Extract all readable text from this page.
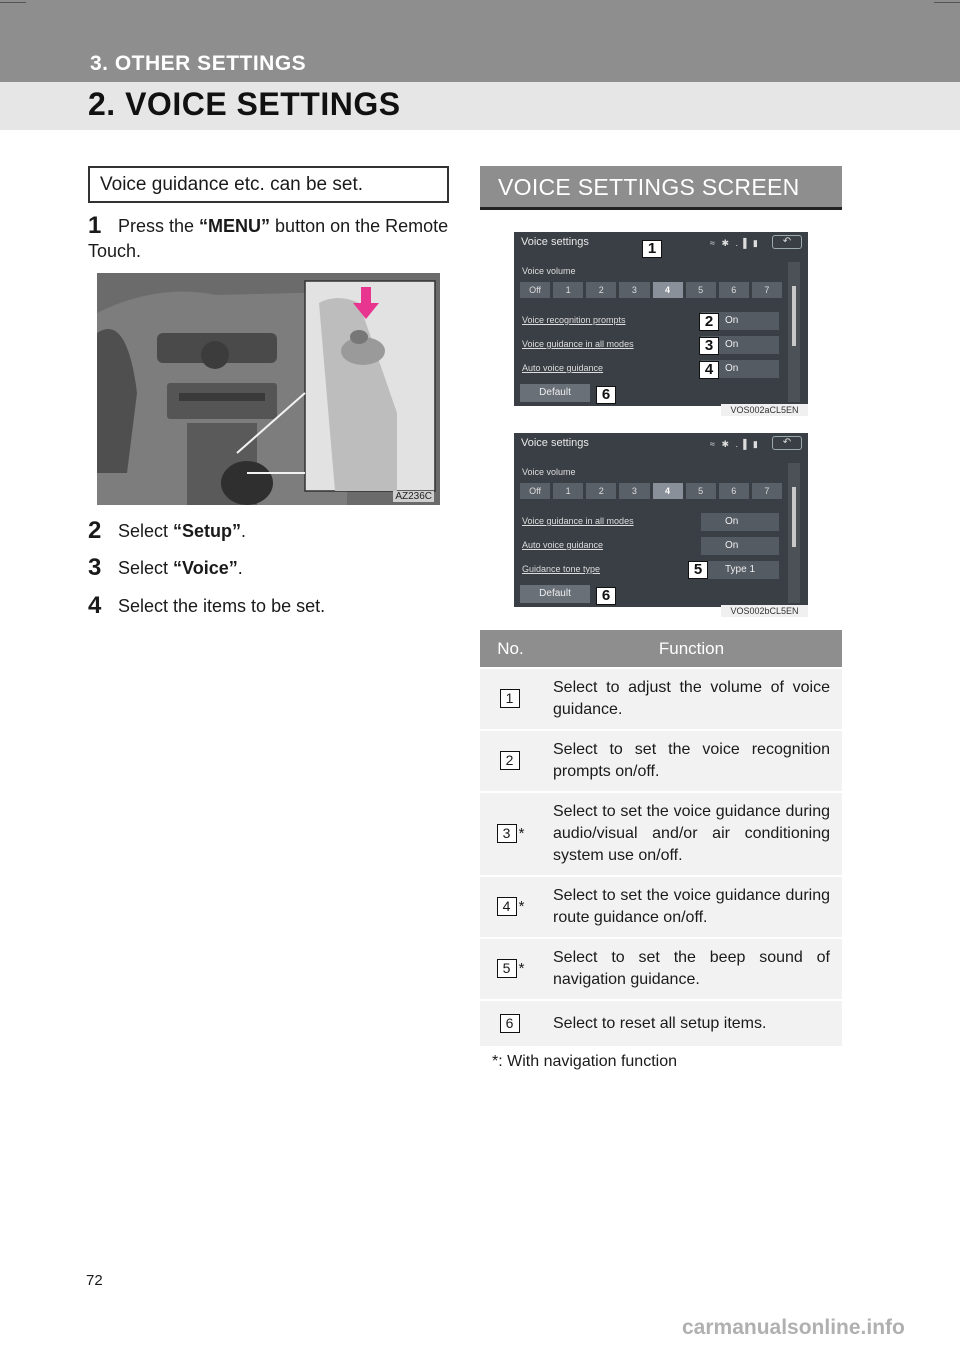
3. OTHER SETTINGS
2. VOICE SETTINGS
Voice guidance etc. can be set.
1 Press the “MENU” button on the Remote Touch.
AZ236C
2 Select “Setup”.
3 Select “Voice”.
4 Select the items to be set.
VOICE SETTINGS SCREEN
Voice settings	≈ ✱ .▐ ▮	↶
Voice volume
Off	1	2	3	4	5	6	7
Voice recognition prompts	On
Voice guidance in all modes	On
Auto voice guidance	On
Default
VOS002aCL5EN
1
2
3
4
6
Voice settings	≈ ✱ .▐ ▮	↶
Voice volume
Off	1	2	3	4	5	6	7
Voice guidance in all modes	On
Auto voice guidance	On
Guidance tone type	Type 1
Default
VOS002bCL5EN
5
6
No.	Function
1	Select to adjust the volume of voice guidance.
2	Select to set the voice recognition prompts on/off.
3 *	Select to set the voice guidance during audio/visual and/or air conditioning system use on/off.
4 *	Select to set the voice guidance during route guidance on/off.
5 *	Select to set the beep sound of navigation guidance.
6	Select to reset all setup items.
*: With navigation function
72
carmanualsonline.info
